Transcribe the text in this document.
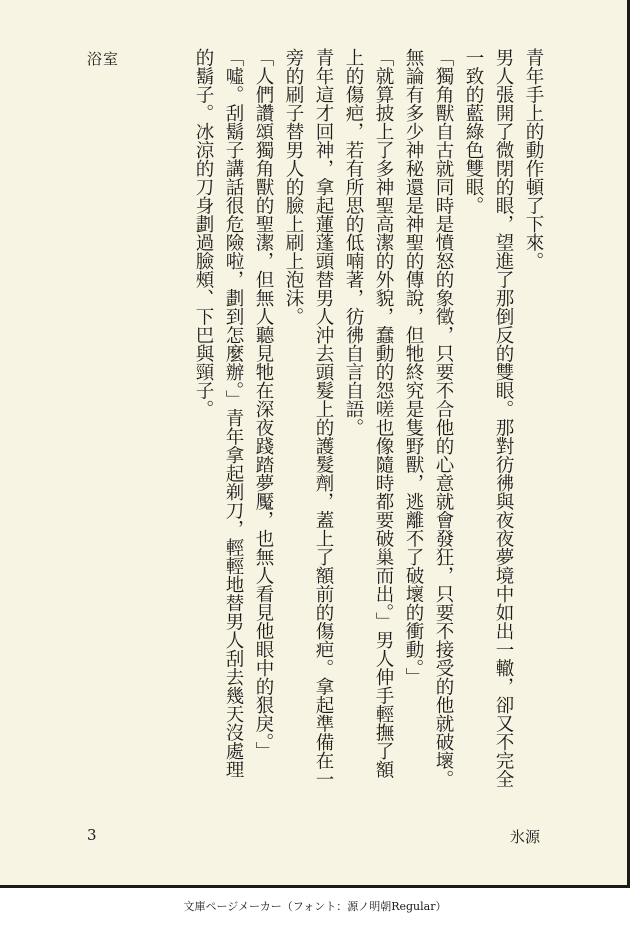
浴室	青年手上的動作頓了下來。

男人張開了微閉的眼，望進了那倒反的雙眼。那對彷彿與夜夜夢境中如出一轍，卻又不完全一致的藍綠色雙眼。

「獨角獸自古就同時是憤怒的象徵，只要不合他的心意就會發狂，只要不接受的他就破壞。無論有多少神秘還是神聖的傳說，但牠終究是隻野獸，逃離不了破壞的衝動。」

「就算披上了多神聖高潔的外貌，蠢動的怨嗟也像隨時都要破巢而出。」男人伸手輕撫了額上的傷疤，若有所思的低喃著，彷彿自言自語。

青年這才回神，拿起蓮蓬頭替男人沖去頭髮上的護髮劑，蓋上了額前的傷疤。拿起準備在一旁的刷子替男人的臉上刷上泡沫。

「人們讚頌獨角獸的聖潔，但無人聽見牠在深夜踐踏夢魘，也無人看見他眼中的狠戾。」

「噓。刮鬍子講話很危險啦，劃到怎麼辦。」青年拿起剃刀，輕輕地替男人刮去幾天沒處理的鬍子。冰涼的刀身劃過臉頰、下巴與頸子。

3	氷源
文庫ページメーカー（フォント：源ノ明朝Regular）
